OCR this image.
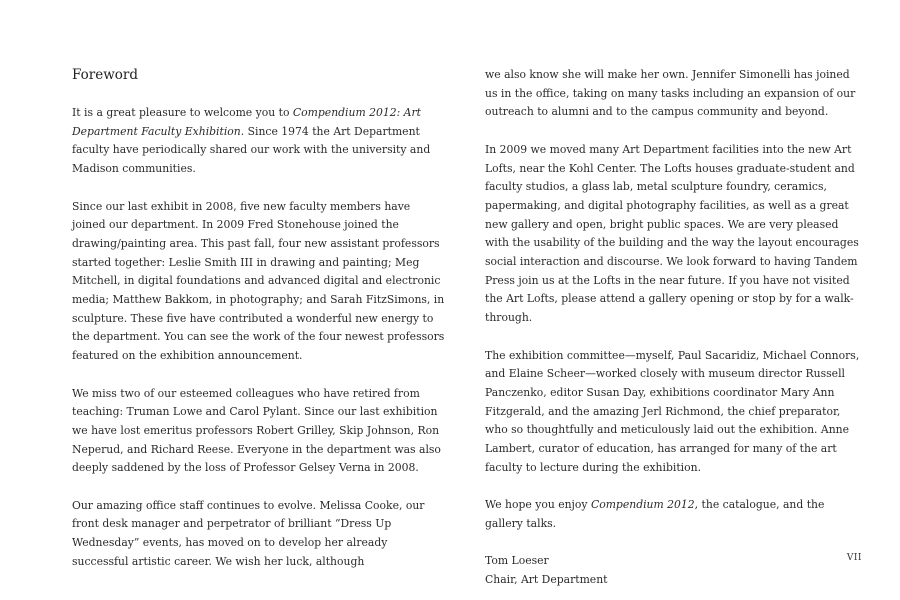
Foreword

It is a great pleasure to welcome you to Compendium 2012: Art Department Faculty Exhibition. Since 1974 the Art Department faculty have periodically shared our work with the university and Madison communities.

Since our last exhibit in 2008, five new faculty members have joined our department. In 2009 Fred Stonehouse joined the drawing/painting area. This past fall, four new assistant professors started together: Leslie Smith III in drawing and painting; Meg Mitchell, in digital foundations and advanced digital and electronic media; Matthew Bakkom, in photography; and Sarah FitzSimons, in sculpture. These five have contributed a wonderful new energy to the department. You can see the work of the four newest professors featured on the exhibition announcement.

We miss two of our esteemed colleagues who have retired from teaching: Truman Lowe and Carol Pylant. Since our last exhibition we have lost emeritus professors Robert Grilley, Skip Johnson, Ron Neperud, and Richard Reese. Everyone in the department was also deeply saddened by the loss of Professor Gelsey Verna in 2008.

Our amazing office staff continues to evolve. Melissa Cooke, our front desk manager and perpetrator of brilliant “Dress Up Wednesday” events, has moved on to develop her already successful artistic career. We wish her luck, although

we also know she will make her own. Jennifer Simonelli has joined us in the office, taking on many tasks including an expansion of our outreach to alumni and to the campus community and beyond.

In 2009 we moved many Art Department facilities into the new Art Lofts, near the Kohl Center. The Lofts houses graduate-student and faculty studios, a glass lab, metal sculpture foundry, ceramics, papermaking, and digital photography facilities, as well as a great new gallery and open, bright public spaces. We are very pleased with the usability of the building and the way the layout encourages social interaction and discourse. We look forward to having Tandem Press join us at the Lofts in the near future. If you have not visited the Art Lofts, please attend a gallery opening or stop by for a walk-through.

The exhibition committee—myself, Paul Sacaridiz, Michael Connors, and Elaine Scheer—worked closely with museum director Russell Panczenko, editor Susan Day, exhibitions coordinator Mary Ann Fitzgerald, and the amazing Jerl Richmond, the chief preparator, who so thoughtfully and meticulously laid out the exhibition. Anne Lambert, curator of education, has arranged for many of the art faculty to lecture during the exhibition.

We hope you enjoy Compendium 2012, the catalogue, and the gallery talks.

Tom Loeser

Chair, Art Department

VII
